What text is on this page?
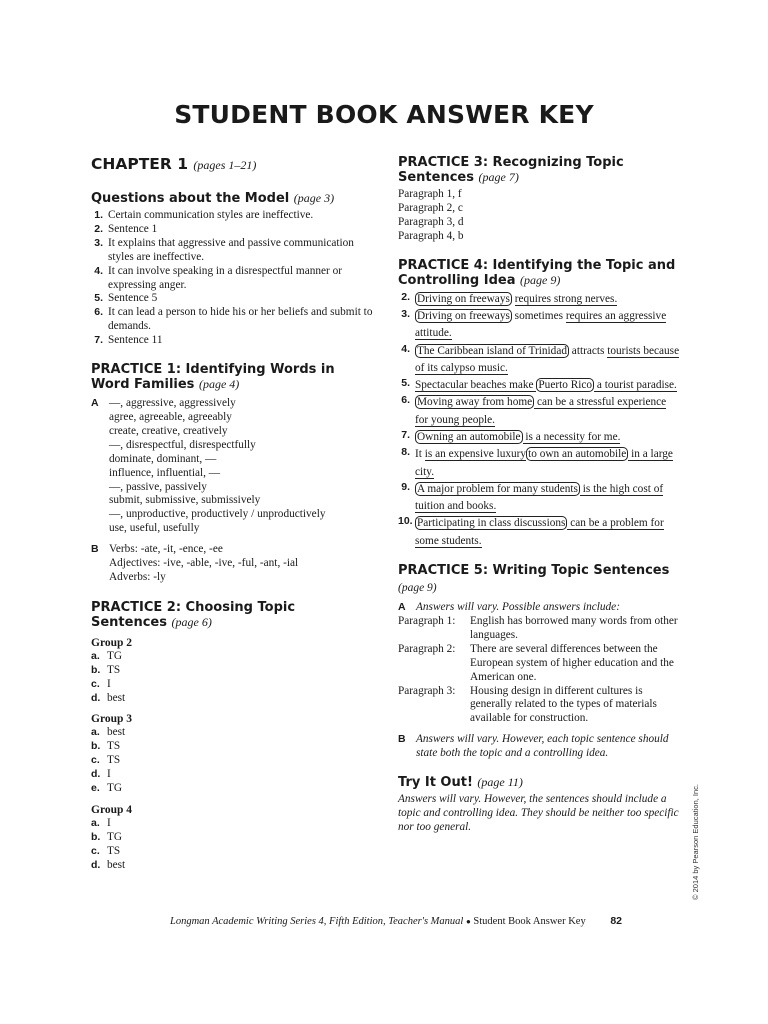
STUDENT BOOK ANSWER KEY
CHAPTER 1 (pages 1–21)
Questions about the Model (page 3)
1. Certain communication styles are ineffective.
2. Sentence 1
3. It explains that aggressive and passive communication styles are ineffective.
4. It can involve speaking in a disrespectful manner or expressing anger.
5. Sentence 5
6. It can lead a person to hide his or her beliefs and submit to demands.
7. Sentence 11
PRACTICE 1: Identifying Words in Word Families (page 4)
A —, aggressive, aggressively
agree, agreeable, agreeably
create, creative, creatively
—, disrespectful, disrespectfully
dominate, dominant, —
influence, influential, —
—, passive, passively
submit, submissive, submissively
—, unproductive, productively / unproductively
use, useful, usefully
B Verbs: -ate, -it, -ence, -ee
Adjectives: -ive, -able, -ive, -ful, -ant, -ial
Adverbs: -ly
PRACTICE 2: Choosing Topic Sentences (page 6)
Group 2
a. TG
b. TS
c. I
d. best
Group 3
a. best
b. TS
c. TS
d. I
e. TG
Group 4
a. I
b. TG
c. TS
d. best
PRACTICE 3: Recognizing Topic Sentences (page 7)
Paragraph 1, f
Paragraph 2, c
Paragraph 3, d
Paragraph 4, b
PRACTICE 4: Identifying the Topic and Controlling Idea (page 9)
2. Driving on freeways requires strong nerves.
3. Driving on freeways sometimes requires an aggressive attitude.
4. The Caribbean island of Trinidad attracts tourists because of its calypso music.
5. Spectacular beaches make Puerto Rico a tourist paradise.
6. Moving away from home can be a stressful experience for young people.
7. Owning an automobile is a necessity for me.
8. It is an expensive luxury to own an automobile in a large city.
9. A major problem for many students is the high cost of tuition and books.
10. Participating in class discussions can be a problem for some students.
PRACTICE 5: Writing Topic Sentences
(page 9)
A Answers will vary. Possible answers include:
Paragraph 1:	English has borrowed many words from other languages.
Paragraph 2:	There are several differences between the European system of higher education and the American one.
Paragraph 3:	Housing design in different cultures is generally related to the types of materials available for construction.
B Answers will vary. However, each topic sentence should state both the topic and a controlling idea.
Try It Out! (page 11)
Answers will vary. However, the sentences should include a topic and controlling idea. They should be neither too specific nor too general.
Longman Academic Writing Series 4, Fifth Edition, Teacher's Manual ● Student Book Answer Key 82
© 2014 by Pearson Education, Inc.
